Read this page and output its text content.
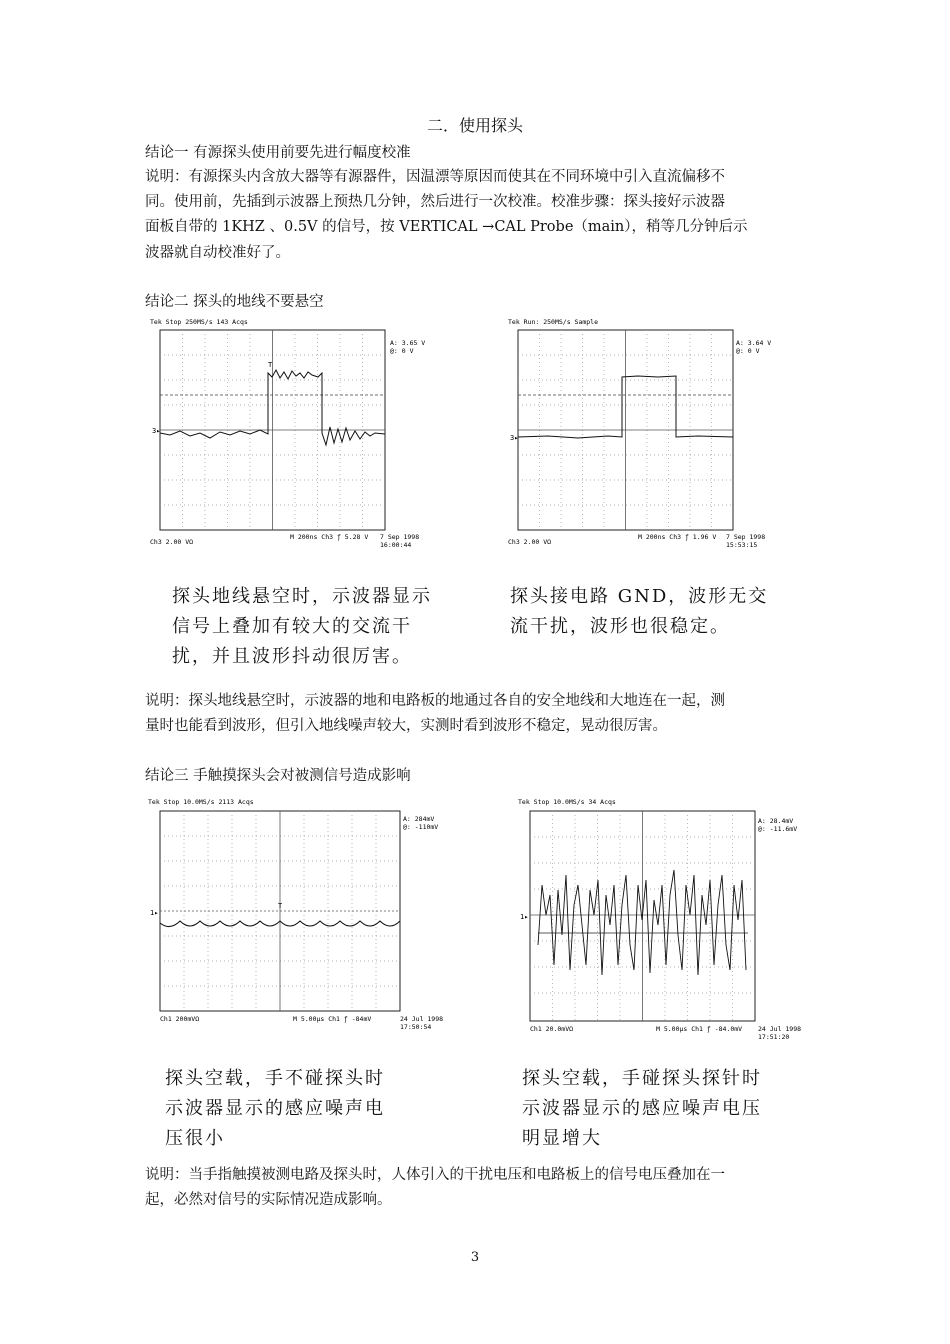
二．使用探头
结论一 有源探头使用前要先进行幅度校准
说明：有源探头内含放大器等有源器件，因温漂等原因而使其在不同环境中引入直流偏移不
同。使用前，先插到示波器上预热几分钟，然后进行一次校准。校准步骤：探头接好示波器
面板自带的 1KHZ 、0.5V 的信号，按 VERTICAL →CAL Probe（main），稍等几分钟后示
波器就自动校准好了。
结论二 探头的地线不要悬空
Tek Stop 250MS/s 143 Acqs
T
3▸
A: 3.65 V
@: 0 V
Ch3 2.00 VΩ
M 200ns Ch3 ƒ 5.28 V 7 Sep 1998
16:00:44
Tek Run: 250MS/s Sample
3▸
A: 3.64 V
@: 0 V
Ch3 2.00 VΩ
M 200ns Ch3 ƒ 1.96 V 7 Sep 1998
15:53:15
探头地线悬空时，示波器显示
信号上叠加有较大的交流干
扰，并且波形抖动很厉害。
探头接电路 GND，波形无交
流干扰，波形也很稳定。
说明：探头地线悬空时，示波器的地和电路板的地通过各自的安全地线和大地连在一起，测
量时也能看到波形，但引入地线噪声较大，实测时看到波形不稳定，晃动很厉害。
结论三 手触摸探头会对被测信号造成影响
Tek Stop 10.0MS/s 2113 Acqs
T
1▸
A: 284mV
@: -110mV
Ch1 200mVΩ	M 5.00μs Ch1 ƒ -84mV	24 Jul 1998
17:50:54
Tek Stop 10.0MS/s 34 Acqs
1▸
A: 28.4mV
@: -11.6mV
Ch1 20.0mVΩ	M 5.00μs Ch1 ƒ -84.0mV 24 Jul 1998
17:51:20
探头空载，手不碰探头时
示波器显示的感应噪声电
压很小
探头空载，手碰探头探针时
示波器显示的感应噪声电压
明显增大
说明：当手指触摸被测电路及探头时，人体引入的干扰电压和电路板上的信号电压叠加在一
起，必然对信号的实际情况造成影响。
3
